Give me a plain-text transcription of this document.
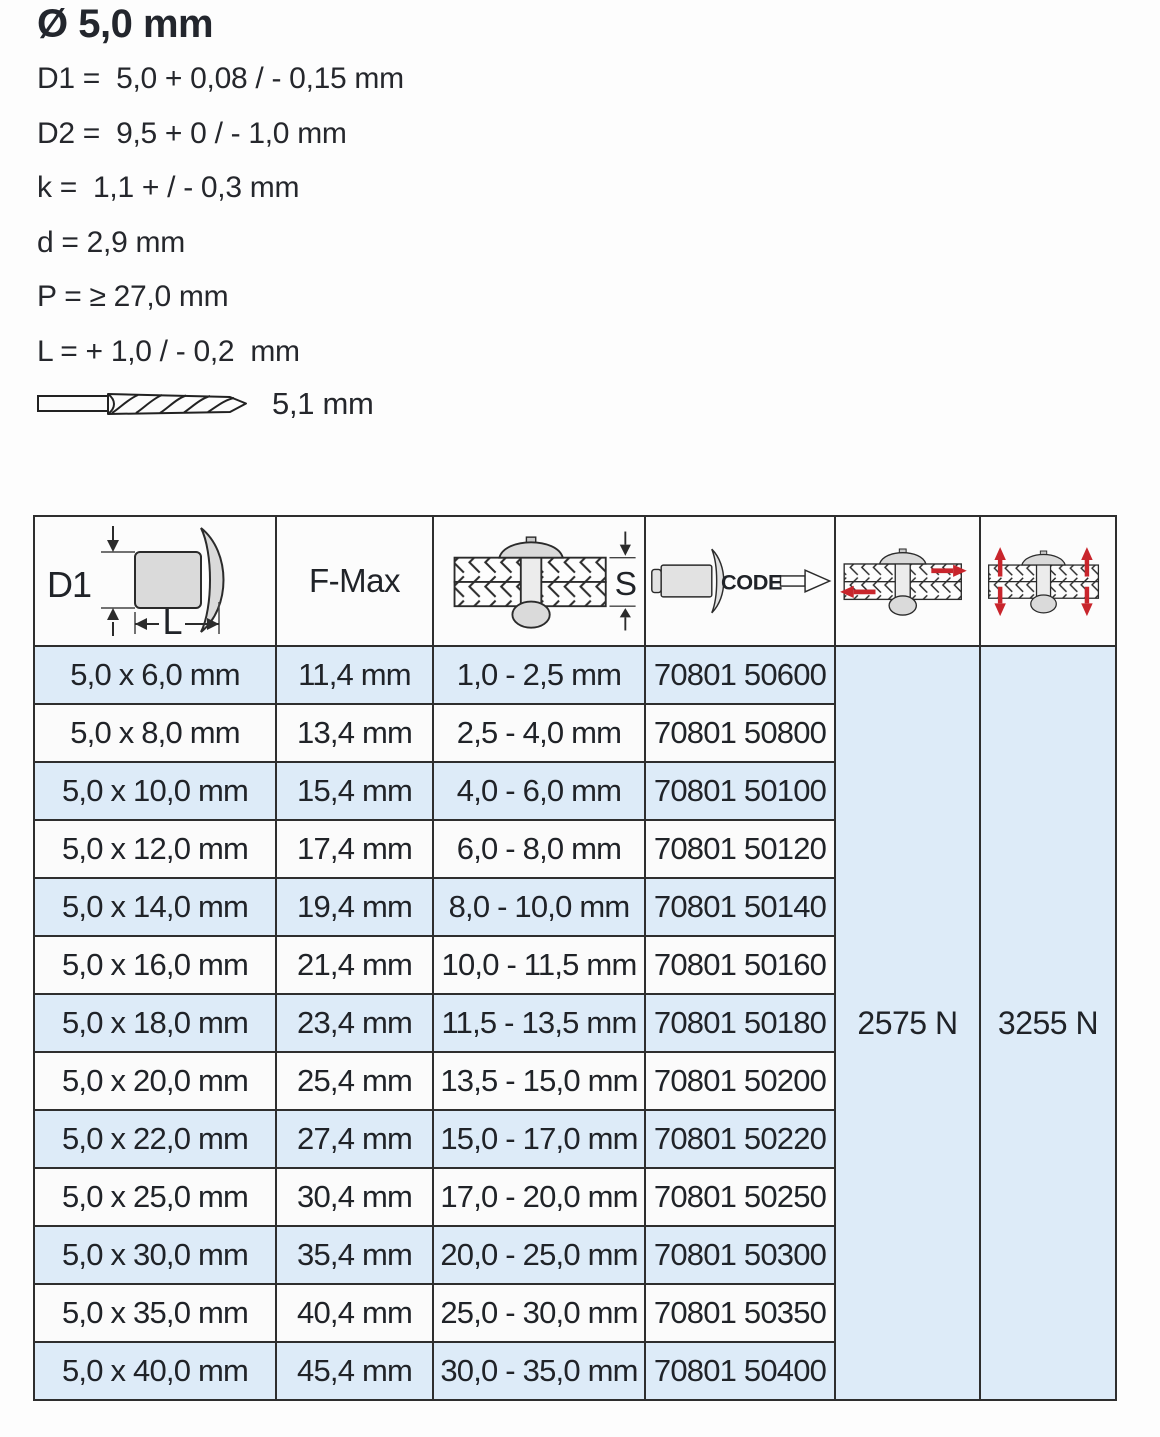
Ø 5,0 mm
D1 =  5,0 + 0,08 / - 0,15 mm
D2 =  9,5 + 0 / - 1,0 mm
k =  1,1 + / - 0,3 mm
d = 2,9 mm
P = ≥ 27,0 mm
L = + 1,0 / - 0,2  mm
5,1 mm
D1
L
F-Max	S	CODE
2575 N 3255 N
5,0 x 6,0 mm	11,4 mm	1,0 - 2,5 mm	70801 50600
5,0 x 8,0 mm	13,4 mm	2,5 - 4,0 mm	70801 50800
5,0 x 10,0 mm	15,4 mm	4,0 - 6,0 mm	70801 50100
5,0 x 12,0 mm	17,4 mm	6,0 - 8,0 mm	70801 50120
5,0 x 14,0 mm	19,4 mm	8,0 - 10,0 mm 70801 50140
5,0 x 16,0 mm	21,4 mm 10,0 - 11,5 mm 70801 50160
5,0 x 18,0 mm	23,4 mm 11,5 - 13,5 mm 70801 50180
5,0 x 20,0 mm	25,4 mm 13,5 - 15,0 mm 70801 50200
5,0 x 22,0 mm	27,4 mm 15,0 - 17,0 mm 70801 50220
5,0 x 25,0 mm	30,4 mm 17,0 - 20,0 mm 70801 50250
5,0 x 30,0 mm	35,4 mm 20,0 - 25,0 mm 70801 50300
5,0 x 35,0 mm	40,4 mm 25,0 - 30,0 mm 70801 50350
5,0 x 40,0 mm	45,4 mm 30,0 - 35,0 mm 70801 50400
